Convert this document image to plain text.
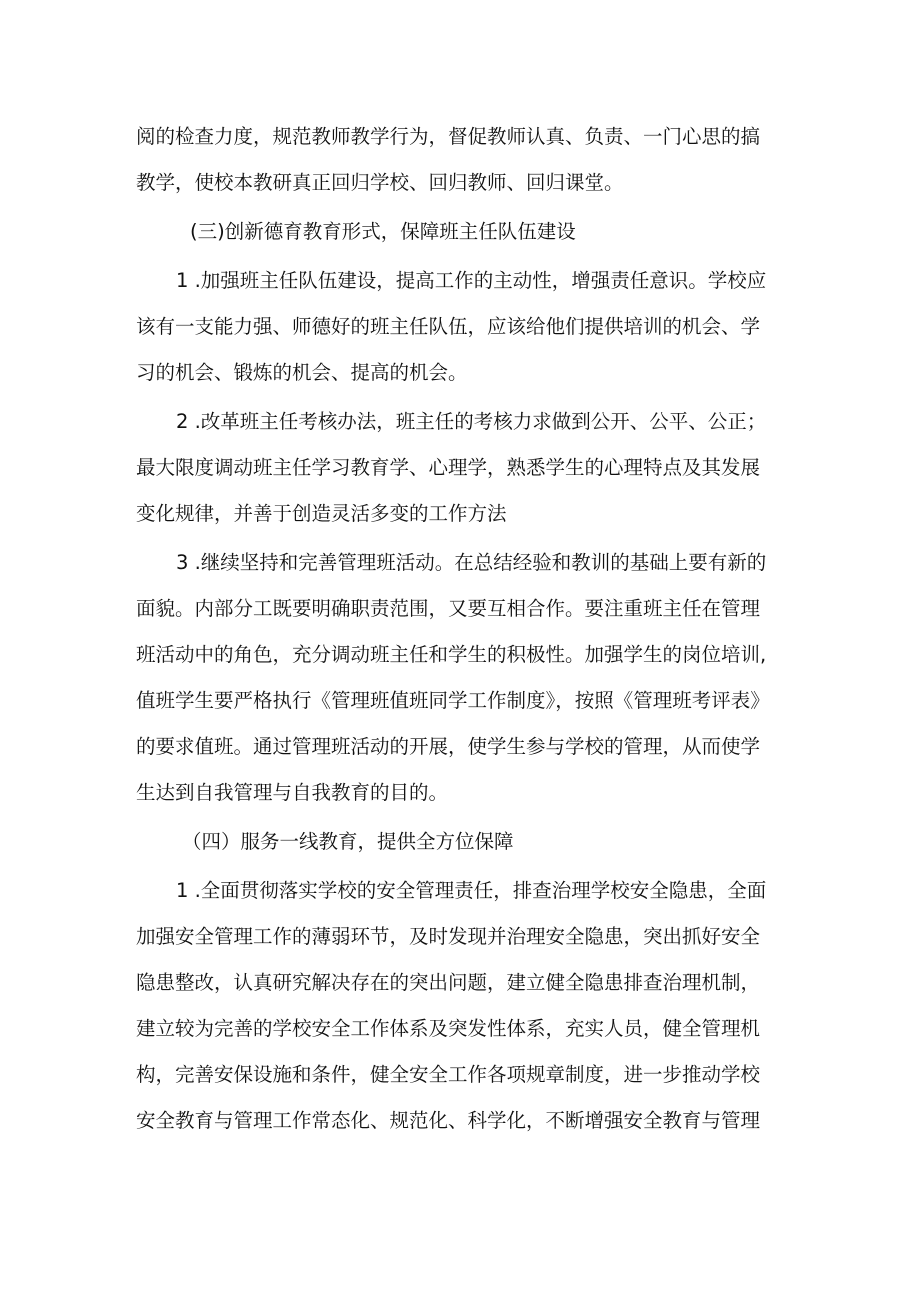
阅的检查力度，规范教师教学行为，督促教师认真、负责、一门心思的搞
教学，使校本教研真正回归学校、回归教师、回归课堂。
(三)创新德育教育形式，保障班主任队伍建设
1 .加强班主任队伍建设，提高工作的主动性，增强责任意识。学校应
该有一支能力强、师德好的班主任队伍，应该给他们提供培训的机会、学
习的机会、锻炼的机会、提高的机会。
2 .改革班主任考核办法，班主任的考核力求做到公开、公平、公正；
最大限度调动班主任学习教育学、心理学，熟悉学生的心理特点及其发展
变化规律，并善于创造灵活多变的工作方法
3 .继续坚持和完善管理班活动。在总结经验和教训的基础上要有新的
面貌。内部分工既要明确职责范围，又要互相合作。要注重班主任在管理
班活动中的角色，充分调动班主任和学生的积极性。加强学生的岗位培训,
值班学生要严格执行《管理班值班同学工作制度》，按照《管理班考评表》
的要求值班。通过管理班活动的开展，使学生参与学校的管理，从而使学
生达到自我管理与自我教育的目的。
（四）服务一线教育，提供全方位保障
1 .全面贯彻落实学校的安全管理责任，排查治理学校安全隐患，全面
加强安全管理工作的薄弱环节，及时发现并治理安全隐患，突出抓好安全
隐患整改，认真研究解决存在的突出问题，建立健全隐患排查治理机制，
建立较为完善的学校安全工作体系及突发性体系，充实人员，健全管理机
构，完善安保设施和条件，健全安全工作各项规章制度，进一步推动学校
安全教育与管理工作常态化、规范化、科学化，不断增强安全教育与管理
